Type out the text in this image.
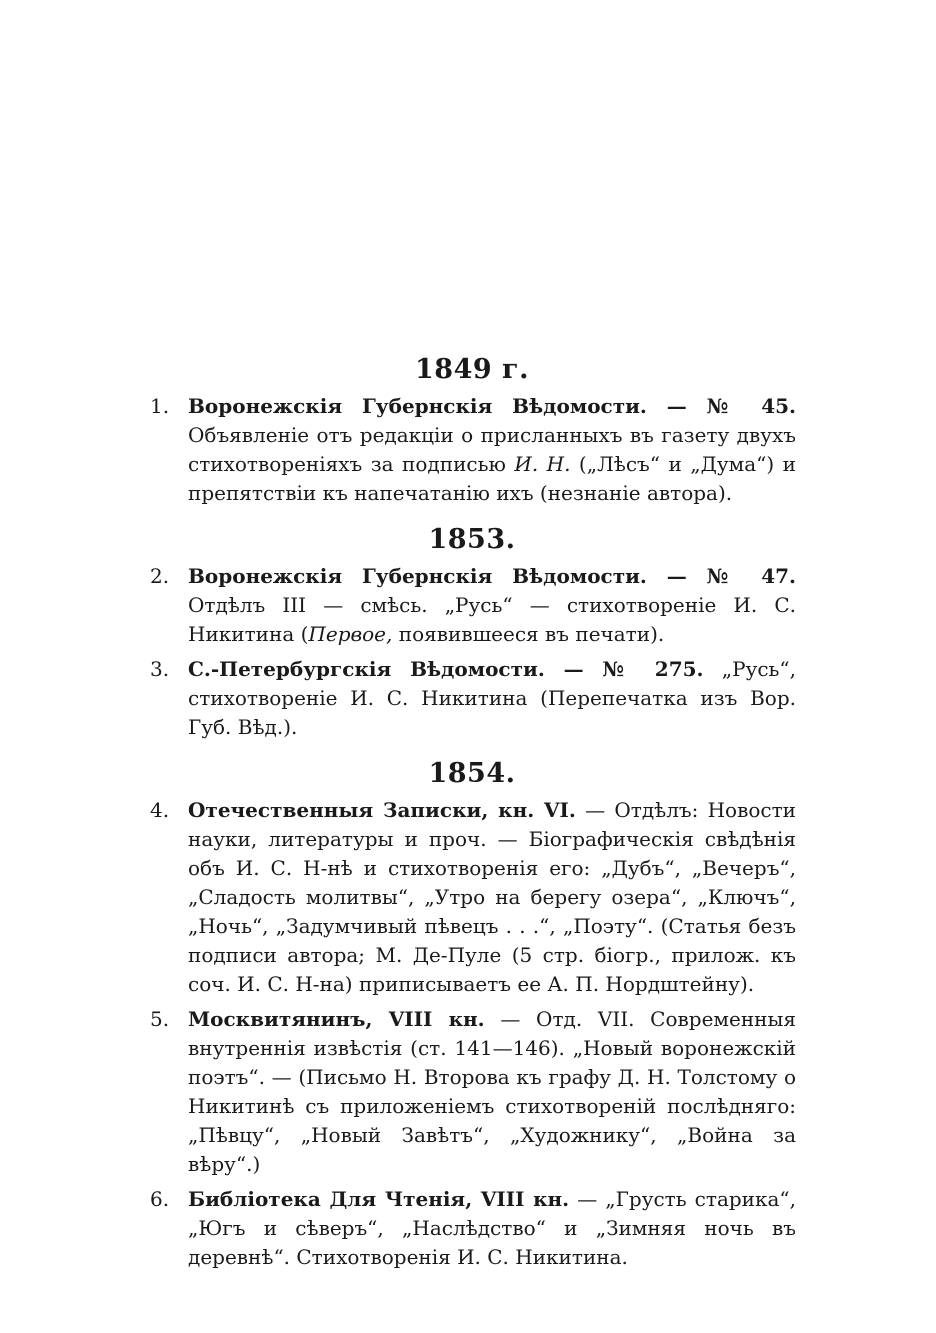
1849 г.
1. Воронежскія Губернскія Вѣдомости. — № 45. Объявленіе отъ редакціи о присланныхъ въ газету двухъ стихотвореніяхъ за подписью И. Н. („Лѣсъ“ и „Дума“) и препятствіи къ напечатанію ихъ (незнаніе автора).
1853.
2. Воронежскія Губернскія Вѣдомости. — № 47. Отдѣлъ III — смѣсь. „Русь“ — стихотвореніе И. С. Никитина (Первое, появившееся въ печати).
3. С.-Петербургскія Вѣдомости. — № 275. „Русь“, стихотвореніе И. С. Никитина (Перепечатка изъ Вор. Губ. Вѣд.).
1854.
4. Отечественныя Записки, кн. VI. — Отдѣлъ: Новости науки, литературы и проч. — Біографическія свѣдѣнія объ И. С. Н-нѣ и стихотворенія его: „Дубъ“, „Вечеръ“, „Сладость молитвы“, „Утро на берегу озера“, „Ключъ“, „Ночь“, „Задумчивый пѣвецъ . . .“, „Поэту“. (Статья безъ подписи автора; М. Де-Пуле (5 стр. біогр., прилож. къ соч. И. С. Н-на) приписываетъ ее А. П. Нордштейну).
5. Москвитянинъ, VIII кн. — Отд. VII. Современныя внутреннія извѣстія (ст. 141—146). „Новый воронежскій поэтъ“. — (Письмо Н. Второва къ графу Д. Н. Толстому о Никитинѣ съ приложеніемъ стихотвореній послѣдняго: „Пѣвцу“, „Новый Завѣтъ“, „Художнику“, „Война за вѣру“.)
6. Библіотека Для Чтенія, VIII кн. — „Грусть старика“, „Югъ и сѣверъ“, „Наслѣдство“ и „Зимняя ночь въ деревнѣ“. Стихотворенія И. С. Никитина.
